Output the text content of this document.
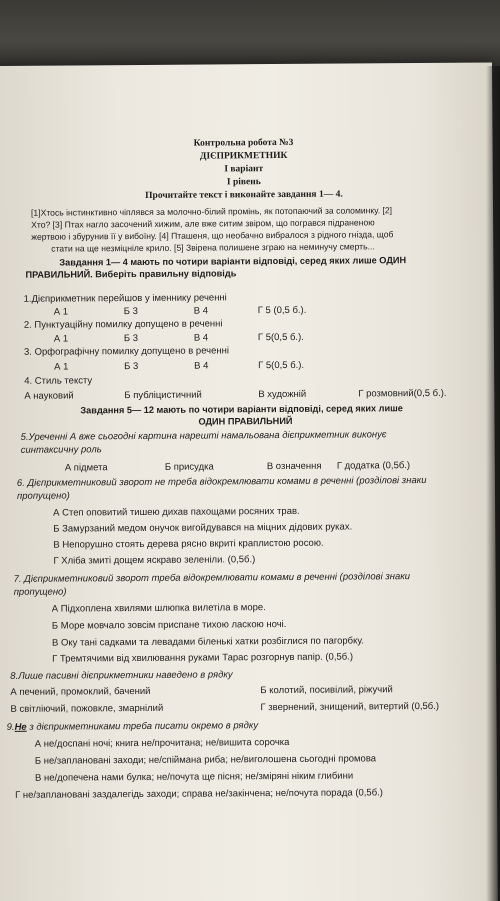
Контрольна робота №3
ДІЄПРИКМЕТНИК
І варіант
І рівень
Прочитайте текст і виконайте завдання 1— 4.
[1]Хтось інстинктивно чіплявся за молочно-білий промінь, як потопаючий за соломинку. [2]
Хто? [3] Птах нагло засочений хижим, але вже ситим звіром, що погрався підраненою
жертвою і збурунив її у вибоїну. [4] Пташеня, що необачно вибралося з рідного гнізда, щоб
стати на ще незміцніле крило. [5] Звірена полишене зграю на неминучу смерть...
Завдання 1— 4 мають по чотири варіанти відповіді, серед яких лише ОДИН
ПРАВИЛЬНИЙ. Виберіть правильну відповідь
1.Дієприкметник перейшов у іменнику реченні
А 1	Б 3	В 4	Г 5 (0,5 б.).
2. Пунктуаційну помилку допущено в реченні
А 1	Б 3	В 4	Г 5(0,5 б.).
3. Орфографічну помилку допущено в реченні
А 1	Б 3	В 4	Г 5(0,5 б.).
4. Стиль тексту
А науковий	Б публіцистичний	В художній	Г розмовний(0,5 б.).
Завдання 5— 12 мають по чотири варіанти відповіді, серед яких лише
ОДИН ПРАВИЛЬНИЙ
5.Уреченні А вже сьогодні картина нарешті намальована дієприкметник виконує
синтаксичну роль
А підмета	Б присудка	В означення Г додатка (0,5б.)
6. Дієприкметниковий зворот не треба відокремлювати комами в реченні (розділові знаки
пропущено)
А Степ оповитий тишею дихав пахощами росяних трав.
Б Замурзаний медом онучок вигойдувався на міцних дідових руках.
В Непорушно стоять дерева рясно вкриті краплистою росою.
Г Хліба змиті дощем яскраво зеленіли. (0,5б.)
7. Дієприкметниковий зворот треба відокремлювати комами в реченні (розділові знаки
пропущено)
А Підхоплена хвилями шлюпка вилетіла в море.
Б Море мовчало зовсім приспане тихою ласкою ночі.
В Оку тані садками та левадами біленькі хатки розбіглися по пагорбку.
Г Тремтячими від хвилювання руками Тарас розгорнув папір. (0,5б.)
8.Лише пасивні дієприкметники наведено в рядку
А печений, промоклий, бачений	Б колотий, посивілий, ріжучий
В світліючий, пожовкле, змарнілий	Г звернений, знищений, витертий (0,5б.)
9.Не з дієприкметниками треба писати окремо в рядку
А не/доспані ночі; книга не/прочитана; не/вишита сорочка
Б не/заплановані заходи; не/спіймана риба; не/виголошена сьогодні промова
В не/допечена нами булка; не/почута ще пісня; не/зміряні ніким глибини
Г не/заплановані заздалегідь заходи; справа не/закінчена; не/почута порада (0,5б.)
